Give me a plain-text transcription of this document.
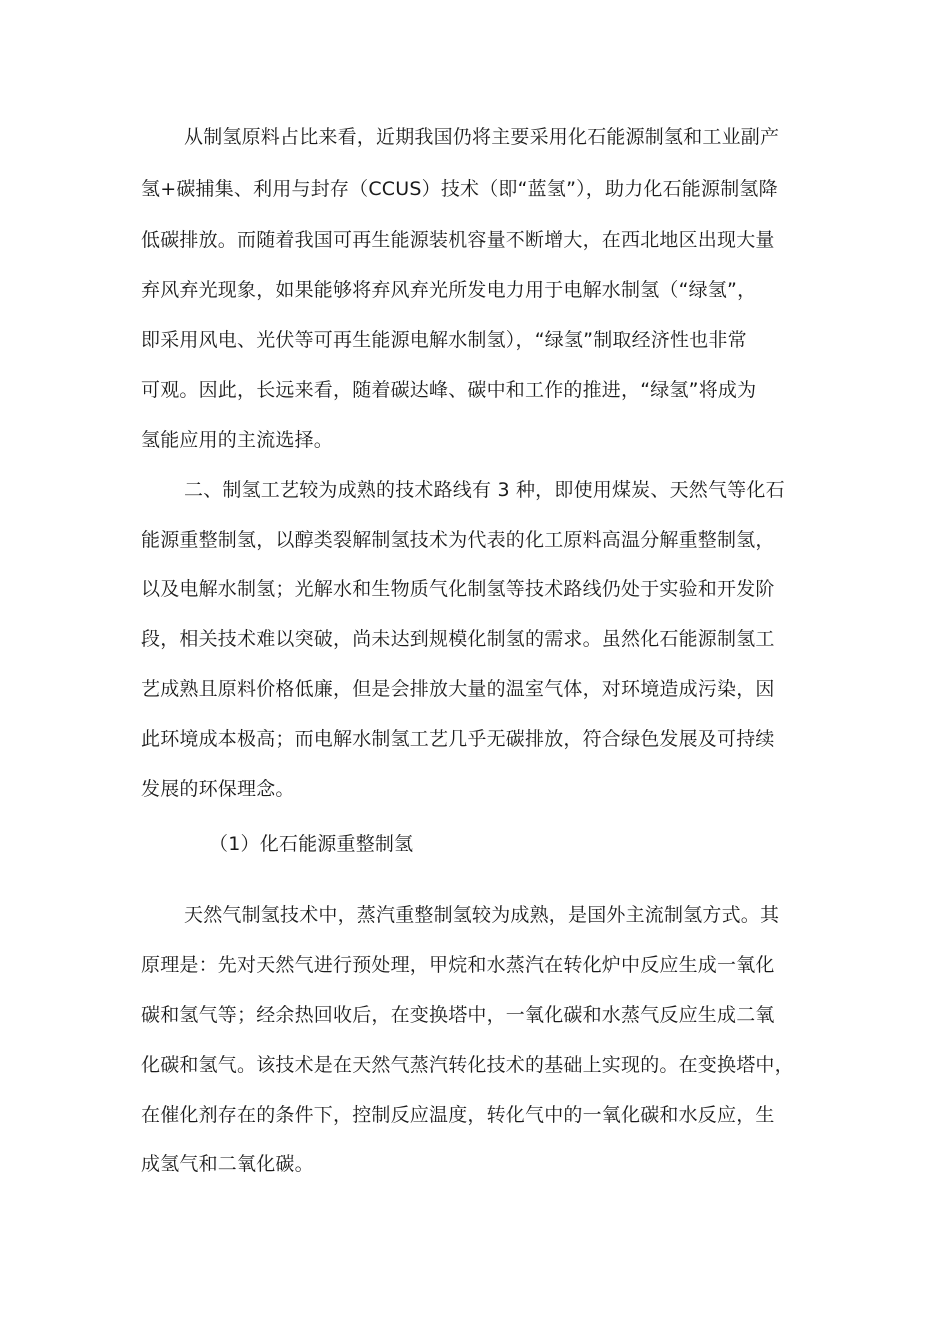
从制氢原料占比来看，近期我国仍将主要采用化石能源制氢和工业副产
氢+碳捕集、利用与封存（CCUS）技术（即“蓝氢”），助力化石能源制氢降
低碳排放。而随着我国可再生能源装机容量不断增大，在西北地区出现大量
弃风弃光现象，如果能够将弃风弃光所发电力用于电解水制氢（“绿氢”，
即采用风电、光伏等可再生能源电解水制氢），“绿氢”制取经济性也非常
可观。因此，长远来看，随着碳达峰、碳中和工作的推进，“绿氢”将成为
氢能应用的主流选择。
二、制氢工艺较为成熟的技术路线有 3 种，即使用煤炭、天然气等化石
能源重整制氢，以醇类裂解制氢技术为代表的化工原料高温分解重整制氢，
以及电解水制氢；光解水和生物质气化制氢等技术路线仍处于实验和开发阶
段，相关技术难以突破，尚未达到规模化制氢的需求。虽然化石能源制氢工
艺成熟且原料价格低廉，但是会排放大量的温室气体，对环境造成污染，因
此环境成本极高；而电解水制氢工艺几乎无碳排放，符合绿色发展及可持续
发展的环保理念。
（1）化石能源重整制氢
天然气制氢技术中，蒸汽重整制氢较为成熟，是国外主流制氢方式。其
原理是：先对天然气进行预处理，甲烷和水蒸汽在转化炉中反应生成一氧化
碳和氢气等；经余热回收后，在变换塔中，一氧化碳和水蒸气反应生成二氧
化碳和氢气。该技术是在天然气蒸汽转化技术的基础上实现的。在变换塔中，
在催化剂存在的条件下，控制反应温度，转化气中的一氧化碳和水反应，生
成氢气和二氧化碳。
